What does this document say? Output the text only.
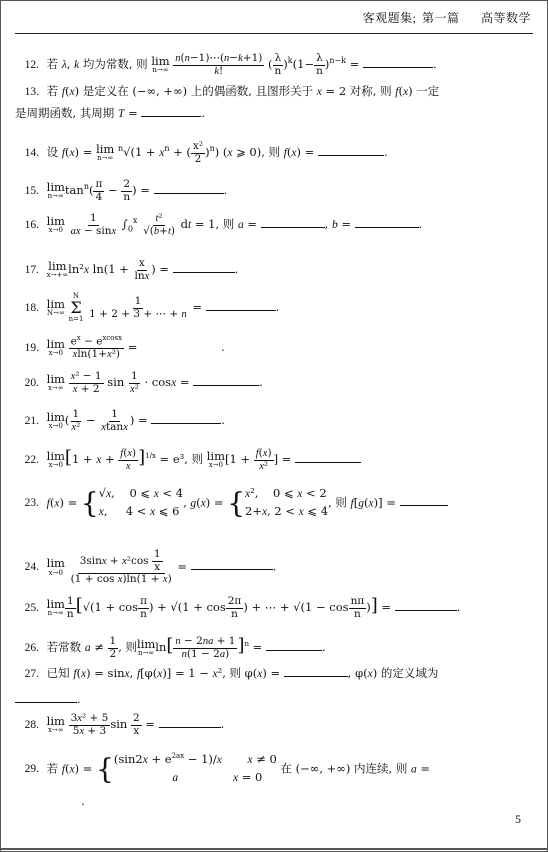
客观题集; 第一篇 高等数学
12. 若 λ, k 均为常数, 则 lim
n→∞
$\frac{n(n-1)\cdots(n-k+1)}{k!}$ ( $\frac{\lambda}{n} )^k(1- \frac{\lambda}{n} )^{n-k}$ =	.
13. 若 f(x) 是定义在 (−∞, +∞) 上的偶函数, 且图形关于 x = 2 对称, 则 f(x) 一定
是周期函数, 其周期 T =	.
14. 设 f(x) = lim
n→∞
$^n√(1 + x^n$ + ( $\frac{\text{x²}}{2} )^n$) (x ⩾ 0), 则 f(x) =	.
15. lim
n→∞ $\tan^n( \frac{\pi}{4} - \frac{2}{n}$ ) =	.
16. lim
x→0
$\frac{1}{ax - \sin x} \int_0^x \frac{\text{t²}}{√(b+t)}$ dt = 1, 则 a =	, b =	.
17. lim
x→+∞ ln²x $\ln(1 + \frac{x}{\ln x}$ ) =	.
18. lim
N→∞

N
Σ
n=1
$\frac{1}{1 + 2 + 3 + \cdots + n}$ =	.
19. lim
x→0
$\frac{e^x - e^{xcosx}}{\text{xln(1+x²)}}$ =	.
20. lim
x→∞
$\frac{\text{x² − 1}}{x + 2}$ $\sin \frac{1}{\text{x²}} \cdot \cos x$ =	.
21. lim
x→0 ( $\frac{1}{\text{x²}} - \frac{1}{xtanx}$ ) =	.
22. lim
x→0 $[1 + x + \frac{f(x)}{x} ]^{1/x} = e^3$, 则 lim
x→0 [$1 + \frac{f(x)}{\text{x²}}$ ] =
23. f(x) = { √x,    0 ⩽ x < 4
x,     4 < x ⩽ 6
, g(x) = { x²,    0 ⩽ x < 2
2+x, 2 < x ⩽ 4
, 则 f[g(x)] =
24. lim
x→0
$\frac{3\sin x + x^2\cos \frac{1}{x}}{\text{(1 + cos x)ln(1 + x)}}$ =	.
25. lim
$n\to\infty \frac{1}{n} [√(1 + \cos \frac{\pi}{n}$ ) + $√(1 + \cos \frac{2\pi}{n}$ ) + ⋯ + $√(1 - \cos \frac{n\pi}{n}$ )] =	.
26. 若常数 $a \ne \frac{1}{2}$ , 则 lim
n→∞ $\ln[ \frac{n - 2na + 1}{n(1 - 2a)} ]^n$ =	.
27. 已知 f(x) = sinx, f[φ(x)] = 1 − x², 则 φ(x) =	, φ(x) 的定义域为
.
28. lim
x→∞
$\frac{\text{3x² + 5}}{5x + 3}$ $\sin \frac{2}{x}$ =	.
29. 若 f(x) = { $(\sin 2x + e^{2ax} - 1)/x$ x ≠ 0
a	x = 0
在 (−∞, +∞) 内连续, 则 a =
.
5
